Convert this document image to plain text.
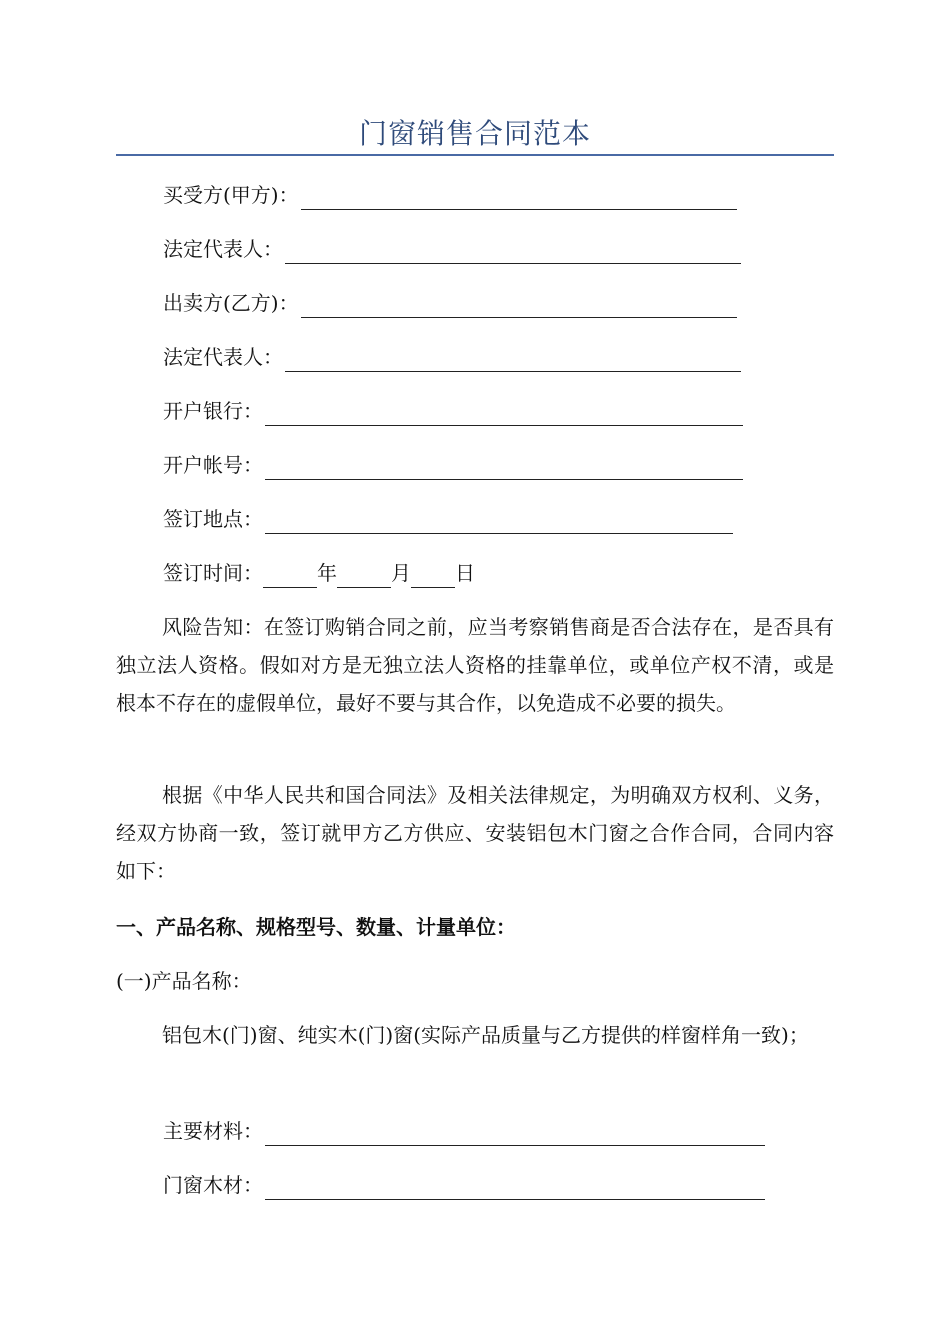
门窗销售合同范本
买受方(甲方)：
法定代表人：
出卖方(乙方)：
法定代表人：
开户银行：
开户帐号：
签订地点：
签订时间：	年	月 日

风险告知：在签订购销合同之前，应当考察销售商是否合法存在，是否具有独立法人资格。假如对方是无独立法人资格的挂靠单位，或单位产权不清，或是根本不存在的虚假单位，最好不要与其合作，以免造成不必要的损失。

根据《中华人民共和国合同法》及相关法律规定，为明确双方权利、义务，经双方协商一致，签订就甲方乙方供应、安装铝包木门窗之合作合同，合同内容如下：

一、产品名称、规格型号、数量、计量单位：
(一)产品名称：

铝包木(门)窗、纯实木(门)窗(实际产品质量与乙方提供的样窗样角一致)；

主要材料：
门窗木材：
